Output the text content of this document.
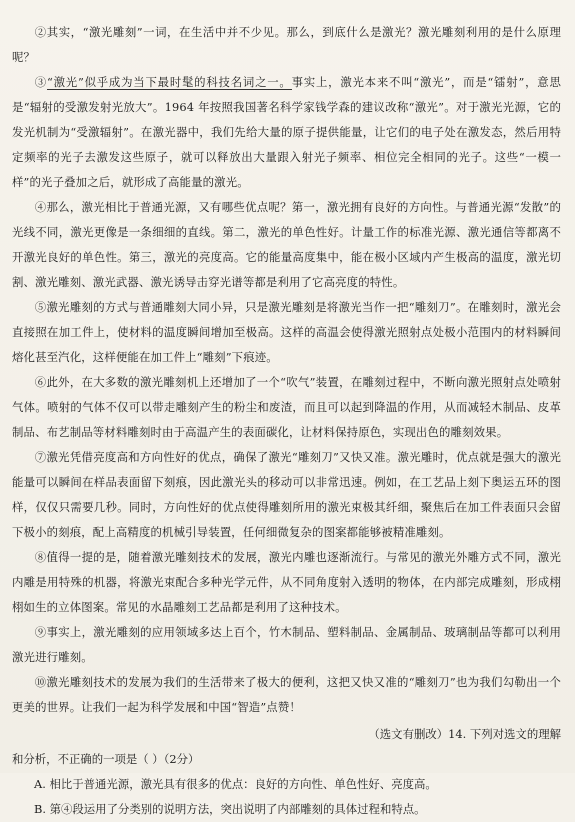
②其实，“激光雕刻”一词，在生活中并不少见。那么，到底什么是激光？激光雕刻利用的是什么原理呢？

③“激光”似乎成为当下最时髦的科技名词之一。事实上，激光本来不叫“激光”，而是“镭射”，意思是“辐射的受激发射光放大”。1964 年按照我国著名科学家钱学森的建议改称“激光”。对于激光光源，它的发光机制为“受激辐射”。在激光器中，我们先给大量的原子提供能量，让它们的电子处在激发态，然后用特定频率的光子去激发这些原子，就可以释放出大量跟入射光子频率、相位完全相同的光子。这些“一模一样”的光子叠加之后，就形成了高能量的激光。

④那么，激光相比于普通光源，又有哪些优点呢？第一，激光拥有良好的方向性。与普通光源“发散”的光线不同，激光更像是一条细细的直线。第二，激光的单色性好。计量工作的标准光源、激光通信等都离不开激光良好的单色性。第三，激光的亮度高。它的能量高度集中，能在极小区域内产生极高的温度，激光切割、激光雕刻、激光武器、激光诱导击穿光谱等都是利用了它高亮度的特性。

⑤激光雕刻的方式与普通雕刻大同小异，只是激光雕刻是将激光当作一把“雕刻刀”。在雕刻时，激光会直接照在加工件上，使材料的温度瞬间增加至极高。这样的高温会使得激光照射点处极小范围内的材料瞬间熔化甚至汽化，这样便能在加工件上“雕刻”下痕迹。

⑥此外，在大多数的激光雕刻机上还增加了一个“吹气”装置，在雕刻过程中，不断向激光照射点处喷射气体。喷射的气体不仅可以带走雕刻产生的粉尘和废渣，而且可以起到降温的作用，从而减轻木制品、皮革制品、布艺制品等材料雕刻时由于高温产生的表面碳化，让材料保持原色，实现出色的雕刻效果。

⑦激光凭借亮度高和方向性好的优点，确保了激光“雕刻刀”又快又准。激光雕时，优点就是强大的激光能量可以瞬间在样品表面留下刻痕，因此激光头的移动可以非常迅速。例如，在工艺品上刻下奥运五环的图样，仅仅只需要几秒。同时，方向性好的优点使得雕刻所用的激光束极其纤细，聚焦后在加工件表面只会留下极小的刻痕，配上高精度的机械引导装置，任何细微复杂的图案都能够被精准雕刻。

⑧值得一提的是，随着激光雕刻技术的发展，激光内雕也逐渐流行。与常见的激光外雕方式不同，激光内雕是用特殊的机器，将激光束配合多种光学元件，从不同角度射入透明的物体，在内部完成雕刻，形成栩栩如生的立体图案。常见的水晶雕刻工艺品都是利用了这种技术。

⑨事实上，激光雕刻的应用领域多达上百个，竹木制品、塑料制品、金属制品、玻璃制品等都可以利用激光进行雕刻。

⑩激光雕刻技术的发展为我们的生活带来了极大的便利，这把又快又准的“雕刻刀”也为我们勾勒出一个更美的世界。让我们一起为科学发展和中国“智造”点赞！

（选文有删改）14. 下列对选文的理解

和分析，不正确的一项是（ ）（2分）

A. 相比于普通光源，激光具有很多的优点：良好的方向性、单色性好、亮度高。

B. 第④段运用了分类别的说明方法，突出说明了内部雕刻的具体过程和特点。
